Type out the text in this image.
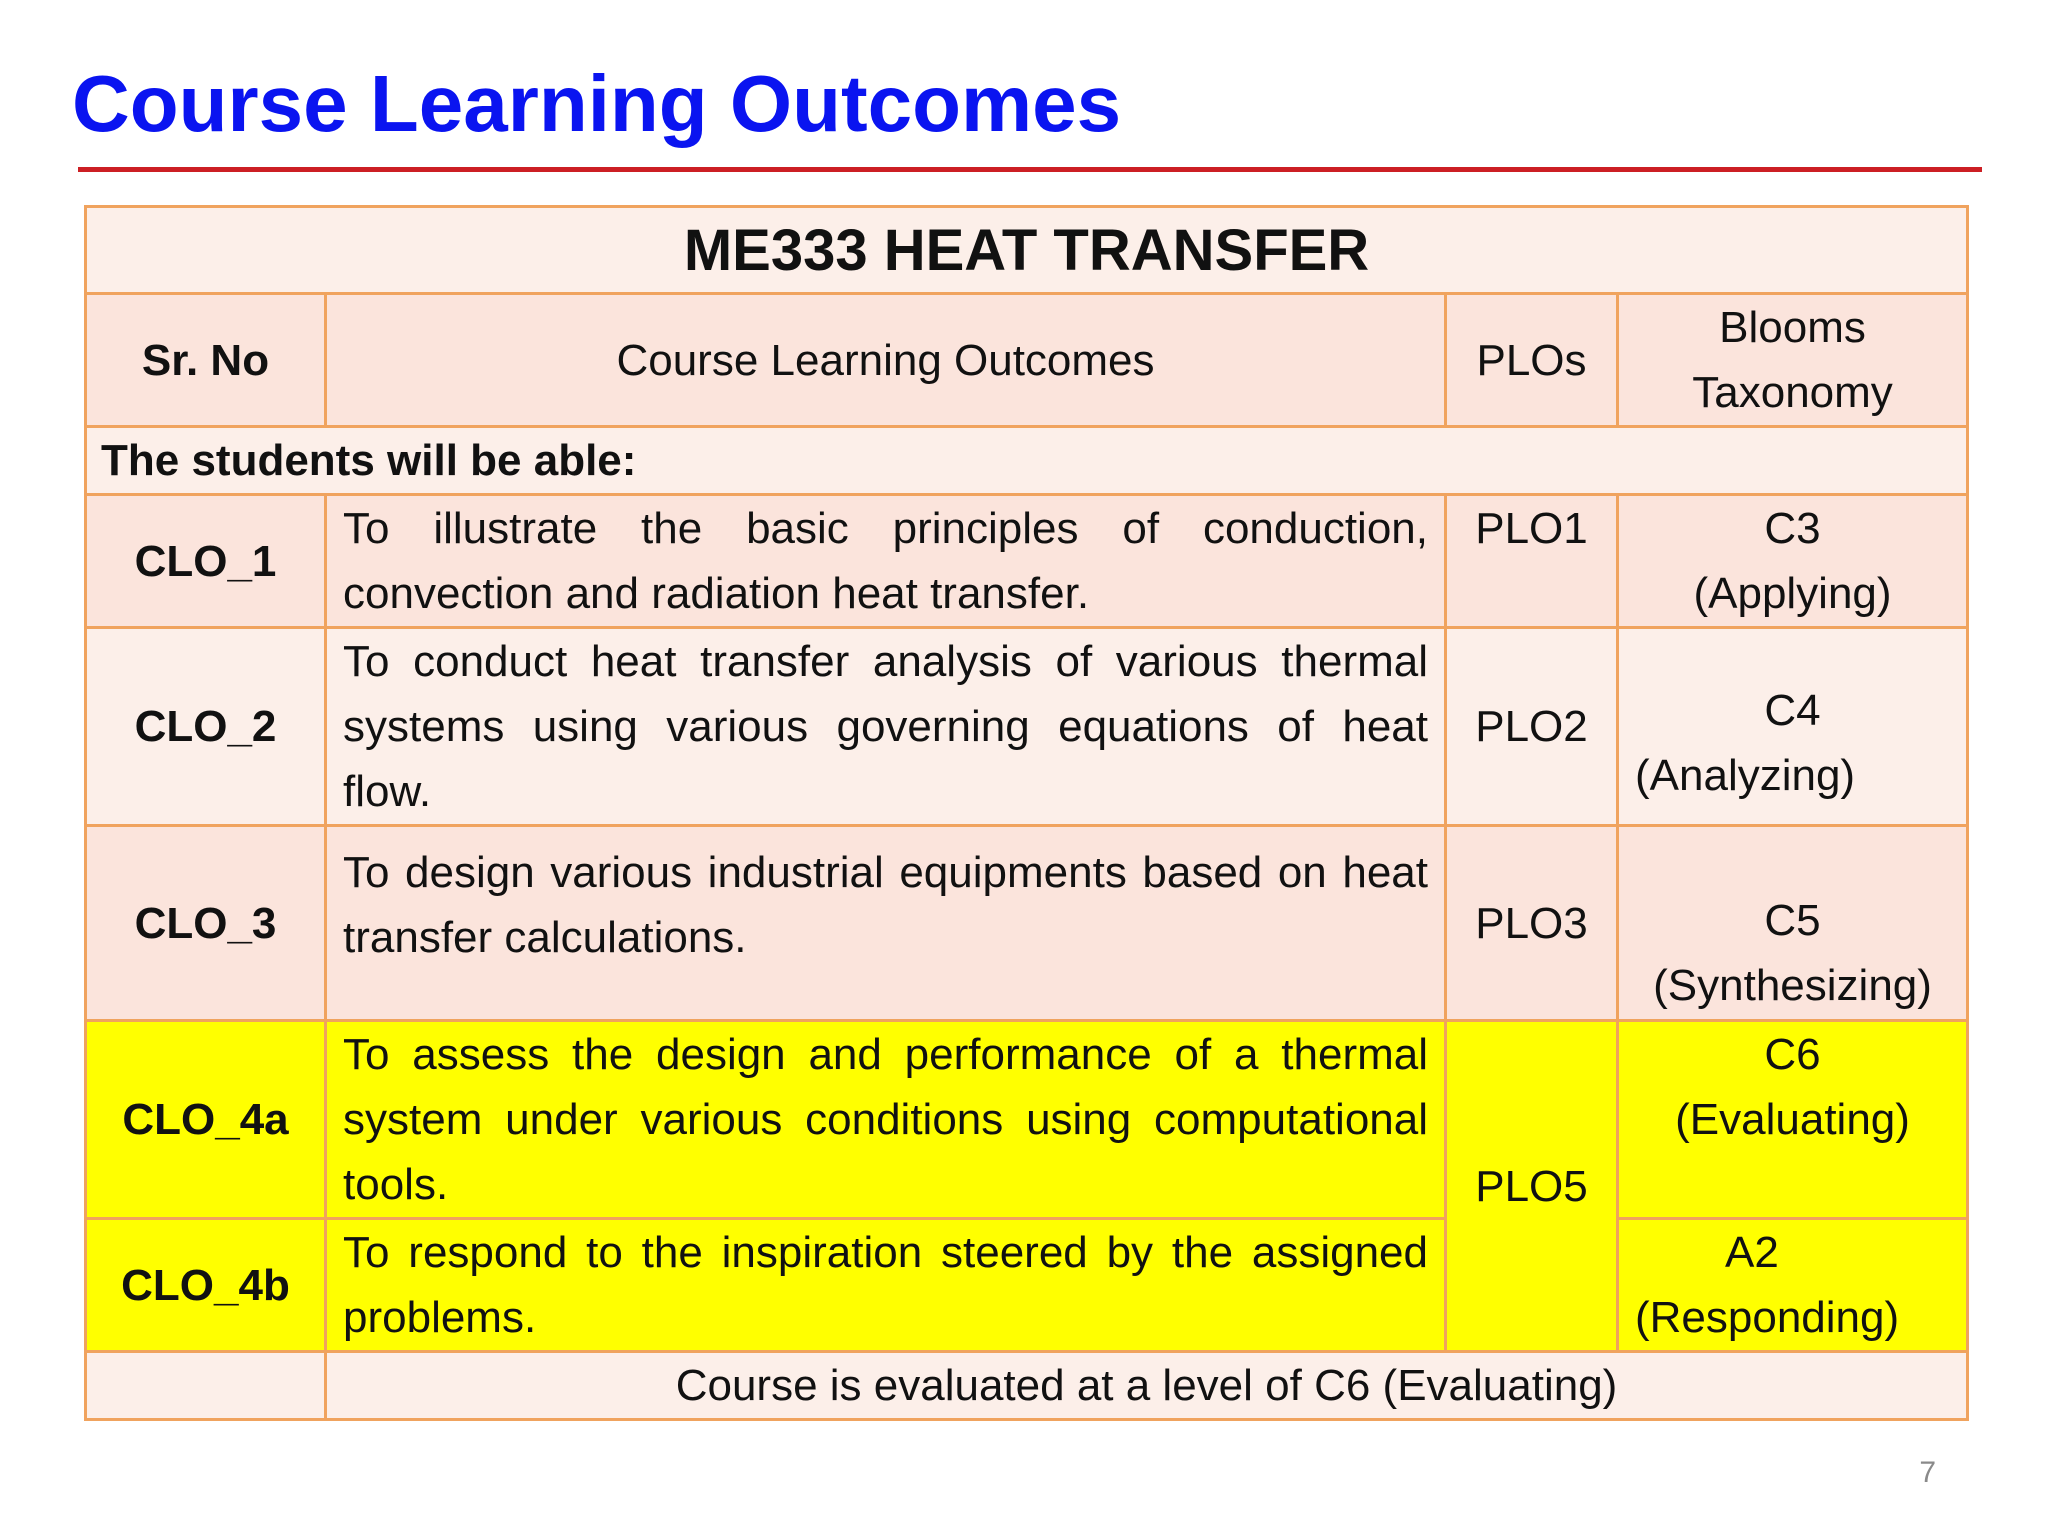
Course Learning Outcomes
ME333 HEAT TRANSFER			
Sr. No	Course Learning Outcomes	PLOs	Blooms
Taxonomy

The students will be able:			
CLO_1	To illustrate the basic principles of conduction, convection and radiation heat transfer.	PLO1	C3
(Applying)

CLO_2	To conduct heat transfer analysis of various thermal systems using various governing equations of heat flow.	PLO2	C4
(Analyzing)

CLO_3	To design various industrial equipments based on heat transfer calculations.	PLO3	C5
(Synthesizing)

CLO_4a	To assess the design and performance of a thermal system under various conditions using computational tools.	PLO5	C6
(Evaluating)

CLO_4b	To respond to the inspiration steered by the assigned problems.		A2
(Responding)

	Course is evaluated at a level of C6 (Evaluating)		
7
